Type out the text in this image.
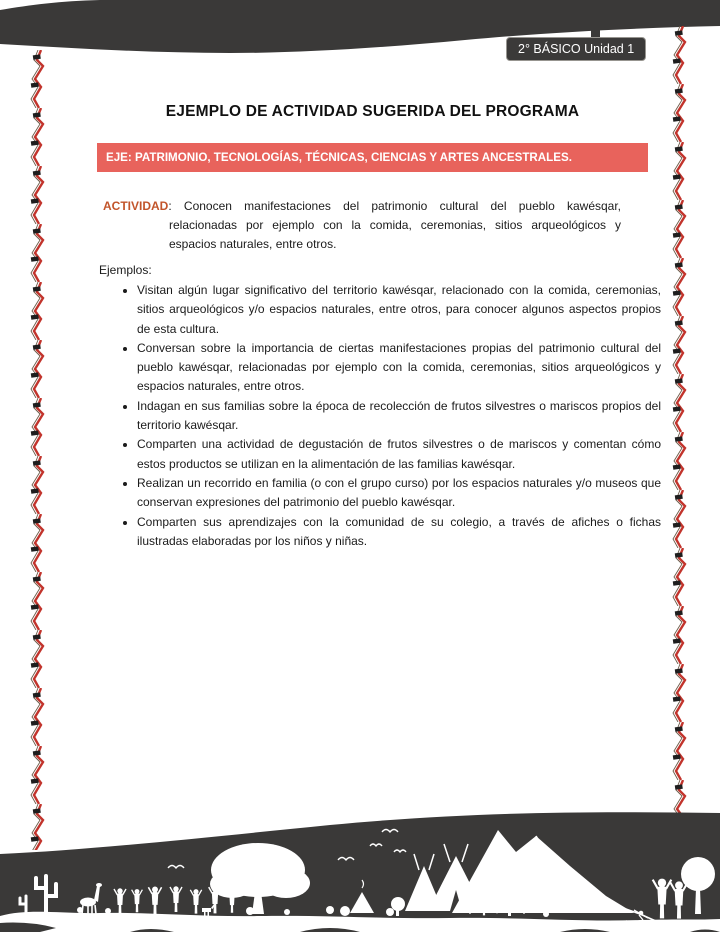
2° BÁSICO Unidad 1
EJEMPLO DE ACTIVIDAD SUGERIDA DEL PROGRAMA
EJE: PATRIMONIO, TECNOLOGÍAS, TÉCNICAS, CIENCIAS Y ARTES ANCESTRALES.

ACTIVIDAD: Conocen manifestaciones del patrimonio cultural del pueblo kawésqar, relacionadas por ejemplo con la comida, ceremonias, sitios arqueológicos y espacios naturales, entre otros.

Ejemplos:

• Visitan algún lugar significativo del territorio kawésqar, relacionado con la comida, ceremonias, sitios arqueológicos y/o espacios naturales, entre otros, para conocer algunos aspectos propios de esta cultura.
• Conversan sobre la importancia de ciertas manifestaciones propias del patrimonio cultural del pueblo kawésqar, relacionadas por ejemplo con la comida, ceremonias, sitios arqueológicos y espacios naturales, entre otros.
• Indagan en sus familias sobre la época de recolección de frutos silvestres o mariscos propios del territorio kawésqar.
• Comparten una actividad de degustación de frutos silvestres o de mariscos y comentan cómo estos productos se utilizan en la alimentación de las familias kawésqar.
• Realizan un recorrido en familia (o con el grupo curso) por los espacios naturales y/o museos que conservan expresiones del patrimonio del pueblo kawésqar.
• Comparten sus aprendizajes con la comunidad de su colegio, a través de afiches o fichas ilustradas elaboradas por los niños y niñas.
